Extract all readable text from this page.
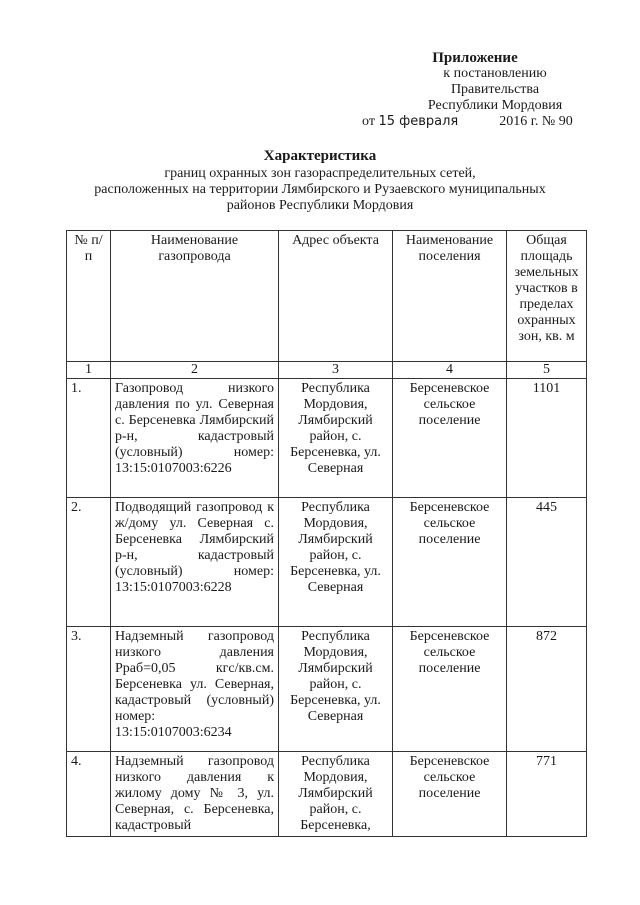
Приложение
к постановлению Правительства
Республики Мордовия
от 15 февраля	2016 г. № 90
Характеристика
границ охранных зон газораспределительных сетей,
расположенных на территории Лямбирского и Рузаевского муниципальных
районов Республики Мордовия
№ п/п	Наименование газопровода	Адрес объекта	Наименование поселения	Общая площадь земельных участков в пределах охранных зон, кв. м
1	2	3	4	5
1.	Газопровод низкого давления по ул. Северная с. Берсеневка Лямбирский р-н, кадастровый (условный) номер: 13:15:0107003:6226	Республика Мордовия, Лямбирский район, с. Берсеневка, ул. Северная	Берсеневское сельское поселение	1101
2.	Подводящий газопровод к ж/дому ул. Северная с. Берсеневка Лямбирский р-н, кадастровый (условный) номер: 13:15:0107003:6228	Республика Мордовия, Лямбирский район, с. Берсеневка, ул. Северная	Берсеневское сельское поселение	445
3.	Надземный газопровод низкого давления Рраб=0,05 кгс/кв.см. Берсеневка ул. Северная, кадастровый (условный) номер: 13:15:0107003:6234	Республика Мордовия, Лямбирский район, с. Берсеневка, ул. Северная	Берсеневское сельское поселение	872
4.	Надземный газопровод низкого давления к жилому дому № 3, ул. Северная, с. Берсеневка, кадастровый	Республика Мордовия, Лямбирский район, с. Берсеневка,	Берсеневское сельское поселение	771
